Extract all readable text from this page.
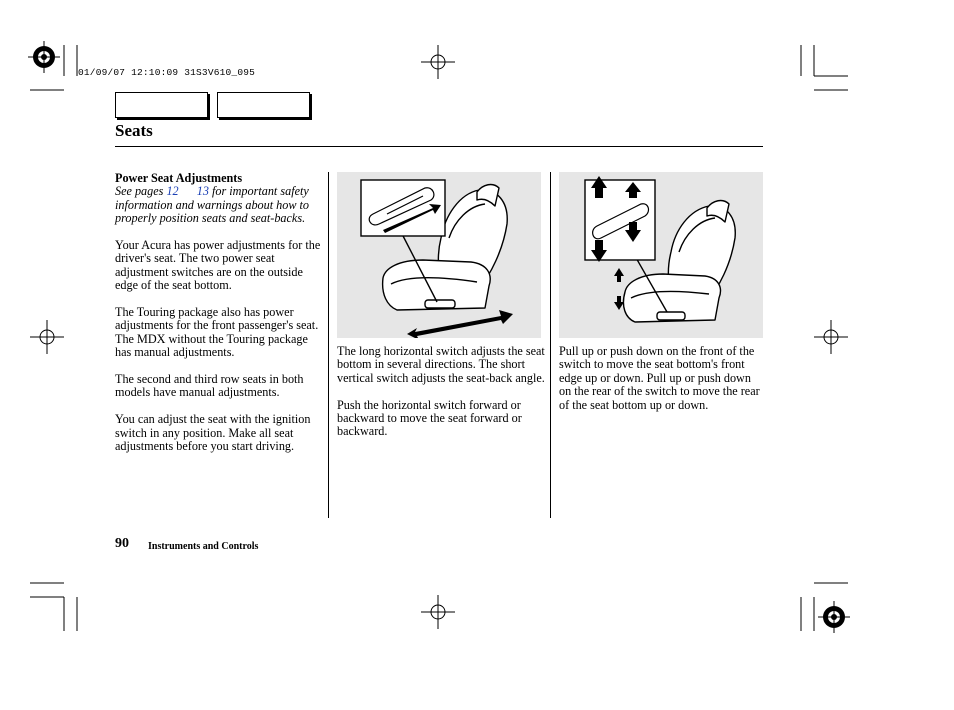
01/09/07 12:10:09 31S3V610_095
Seats
Power Seat Adjustments
See pages 12 13 for important safety information and warnings about how to properly position seats and seat-backs.

Your Acura has power adjustments for the driver's seat. The two power seat adjustment switches are on the outside edge of the seat bottom.

The Touring package also has power adjustments for the front passenger's seat. The MDX without the Touring package has manual adjustments.

The second and third row seats in both models have manual adjustments.

You can adjust the seat with the ignition switch in any position. Make all seat adjustments before you start driving.

The long horizontal switch adjusts the seat bottom in several directions. The short vertical switch adjusts the seat-back angle.

Push the horizontal switch forward or backward to move the seat forward or backward.

Pull up or push down on the front of the switch to move the seat bottom's front edge up or down. Pull up or push down on the rear of the switch to move the rear of the seat bottom up or down.

90 Instruments and Controls
